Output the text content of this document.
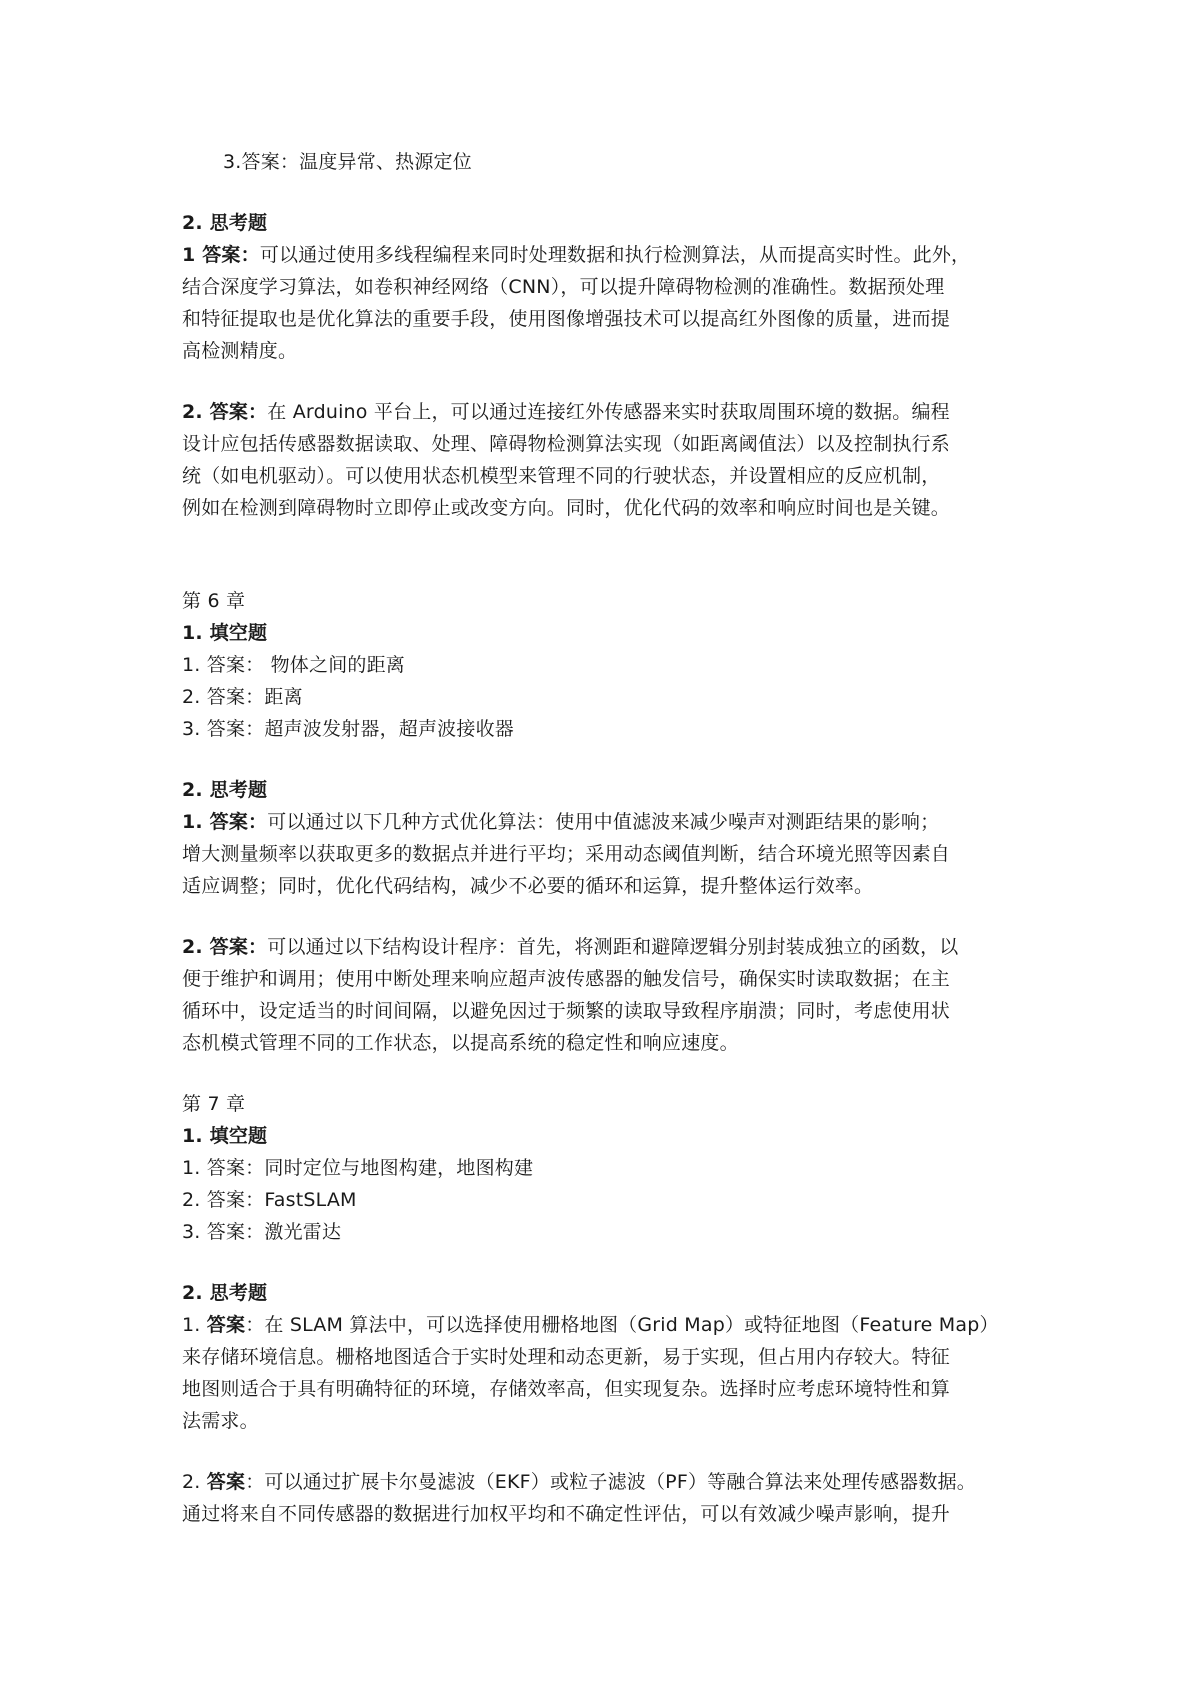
3.答案：温度异常、热源定位
2. 思考题
1 答案：可以通过使用多线程编程来同时处理数据和执行检测算法，从而提高实时性。此外，
结合深度学习算法，如卷积神经网络（CNN），可以提升障碍物检测的准确性。数据预处理
和特征提取也是优化算法的重要手段，使用图像增强技术可以提高红外图像的质量，进而提
高检测精度。
2. 答案：在 Arduino 平台上，可以通过连接红外传感器来实时获取周围环境的数据。编程
设计应包括传感器数据读取、处理、障碍物检测算法实现（如距离阈值法）以及控制执行系
统（如电机驱动）。可以使用状态机模型来管理不同的行驶状态，并设置相应的反应机制，
例如在检测到障碍物时立即停止或改变方向。同时，优化代码的效率和响应时间也是关键。
第 6 章
1. 填空题
1. 答案： 物体之间的距离
2. 答案：距离
3. 答案：超声波发射器，超声波接收器
2. 思考题
1. 答案：可以通过以下几种方式优化算法：使用中值滤波来减少噪声对测距结果的影响；
增大测量频率以获取更多的数据点并进行平均；采用动态阈值判断，结合环境光照等因素自
适应调整；同时，优化代码结构，减少不必要的循环和运算，提升整体运行效率。
2. 答案：可以通过以下结构设计程序：首先，将测距和避障逻辑分别封装成独立的函数，以
便于维护和调用；使用中断处理来响应超声波传感器的触发信号，确保实时读取数据；在主
循环中，设定适当的时间间隔，以避免因过于频繁的读取导致程序崩溃；同时，考虑使用状
态机模式管理不同的工作状态，以提高系统的稳定性和响应速度。
第 7 章
1. 填空题
1. 答案：同时定位与地图构建，地图构建
2. 答案：FastSLAM
3. 答案：激光雷达
2. 思考题
1. 答案：在 SLAM 算法中，可以选择使用栅格地图（Grid Map）或特征地图（Feature Map）
来存储环境信息。栅格地图适合于实时处理和动态更新，易于实现，但占用内存较大。特征
地图则适合于具有明确特征的环境，存储效率高，但实现复杂。选择时应考虑环境特性和算
法需求。
2. 答案：可以通过扩展卡尔曼滤波（EKF）或粒子滤波（PF）等融合算法来处理传感器数据。
通过将来自不同传感器的数据进行加权平均和不确定性评估，可以有效减少噪声影响，提升
